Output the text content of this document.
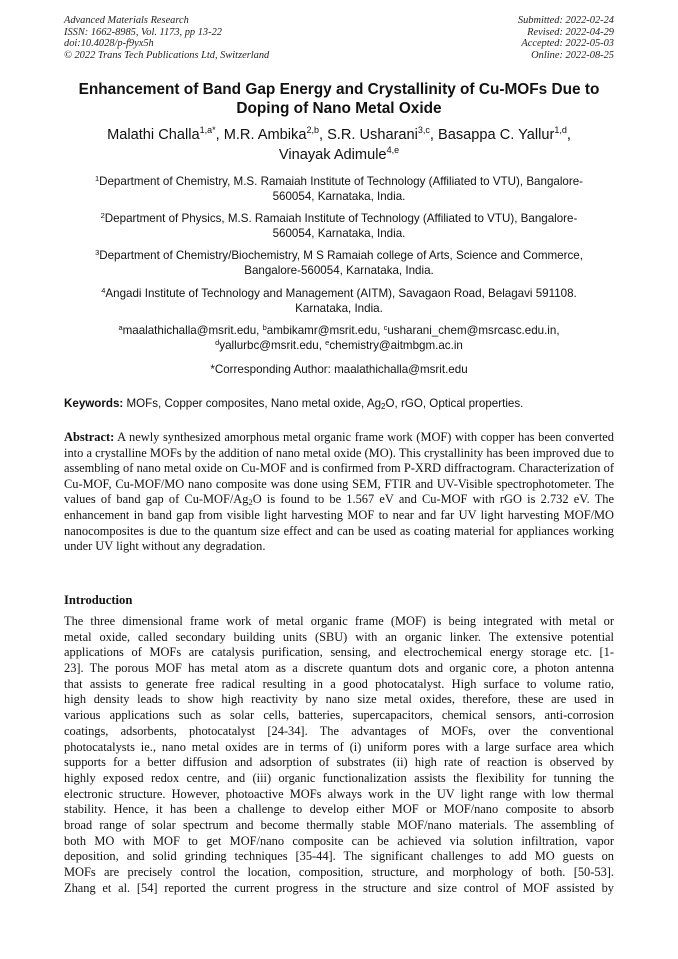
Advanced Materials Research
ISSN: 1662-8985, Vol. 1173, pp 13-22
doi:10.4028/p-f9yx5h
© 2022 Trans Tech Publications Ltd, Switzerland
Submitted: 2022-02-24
Revised: 2022-04-29
Accepted: 2022-05-03
Online: 2022-08-25
Enhancement of Band Gap Energy and Crystallinity of Cu-MOFs Due to
Doping of Nano Metal Oxide
Malathi Challa$^{1,a*}$, M.R. Ambika$^{2,b}$, S.R. Usharani$^{3,c}$, Basappa C. Yallur$^{1,d}$,
Vinayak Adimule$^{4,e}$
$^1$Department of Chemistry, M.S. Ramaiah Institute of Technology (Affiliated to VTU), Bangalore-
560054, Karnataka, India.
$^2$Department of Physics, M.S. Ramaiah Institute of Technology (Affiliated to VTU), Bangalore-
560054, Karnataka, India.
$^3$Department of Chemistry/Biochemistry, M S Ramaiah college of Arts, Science and Commerce,
Bangalore-560054, Karnataka, India.
$^4$Angadi Institute of Technology and Management (AITM), Savagaon Road, Belagavi 591108.
Karnataka, India.
$^a$maalathichalla@msrit.edu, $^b$ambikamr@msrit.edu, $^c$usharani_chem@msrcasc.edu.in,
$^d$yallurbc@msrit.edu, $^e$chemistry@aitmbgm.ac.in
*Corresponding Author: maalathichalla@msrit.edu
Keywords: MOFs, Copper composites, Nano metal oxide, $Ag_2O$, rGO, Optical properties.
Abstract: A newly synthesized amorphous metal organic frame work (MOF) with copper has been converted into a crystalline MOFs by the addition of nano metal oxide (MO). This crystallinity has been improved due to assembling of nano metal oxide on Cu-MOF and is confirmed from P-XRD diffractogram. Characterization of Cu-MOF, Cu-MOF/MO nano composite was done using SEM, FTIR and UV-Visible spectrophotometer. The values of band gap of $Cu-MOF/Ag_2O$ is found to be 1.567 eV and Cu-MOF with rGO is 2.732 eV. The enhancement in band gap from visible light harvesting MOF to near and far UV light harvesting MOF/MO nanocomposites is due to the quantum size effect and can be used as coating material for appliances working under UV light without any degradation.
Introduction
The three dimensional frame work of metal organic frame (MOF) is being integrated with metal or
metal oxide, called secondary building units (SBU) with an organic linker. The extensive potential
applications of MOFs are catalysis purification, sensing, and electrochemical energy storage etc. [1-
23]. The porous MOF has metal atom as a discrete quantum dots and organic core, a photon antenna
that assists to generate free radical resulting in a good photocatalyst. High surface to volume ratio,
high density leads to show high reactivity by nano size metal oxides, therefore, these are used in
various applications such as solar cells, batteries, supercapacitors, chemical sensors, anti-corrosion
coatings, adsorbents, photocatalyst [24-34]. The advantages of MOFs, over the conventional
photocatalysts ie., nano metal oxides are in terms of (i) uniform pores with a large surface area which
supports for a better diffusion and adsorption of substrates (ii) high rate of reaction is observed by
highly exposed redox centre, and (iii) organic functionalization assists the flexibility for tunning the
electronic structure. However, photoactive MOFs always work in the UV light range with low thermal
stability. Hence, it has been a challenge to develop either MOF or MOF/nano composite to absorb
broad range of solar spectrum and become thermally stable MOF/nano materials. The assembling of
both MO with MOF to get MOF/nano composite can be achieved via solution infiltration, vapor
deposition, and solid grinding techniques [35-44]. The significant challenges to add MO guests on
MOFs are precisely control the location, composition, structure, and morphology of both. [50-53].
Zhang et al. [54] reported the current progress in the structure and size control of MOF assisted by
